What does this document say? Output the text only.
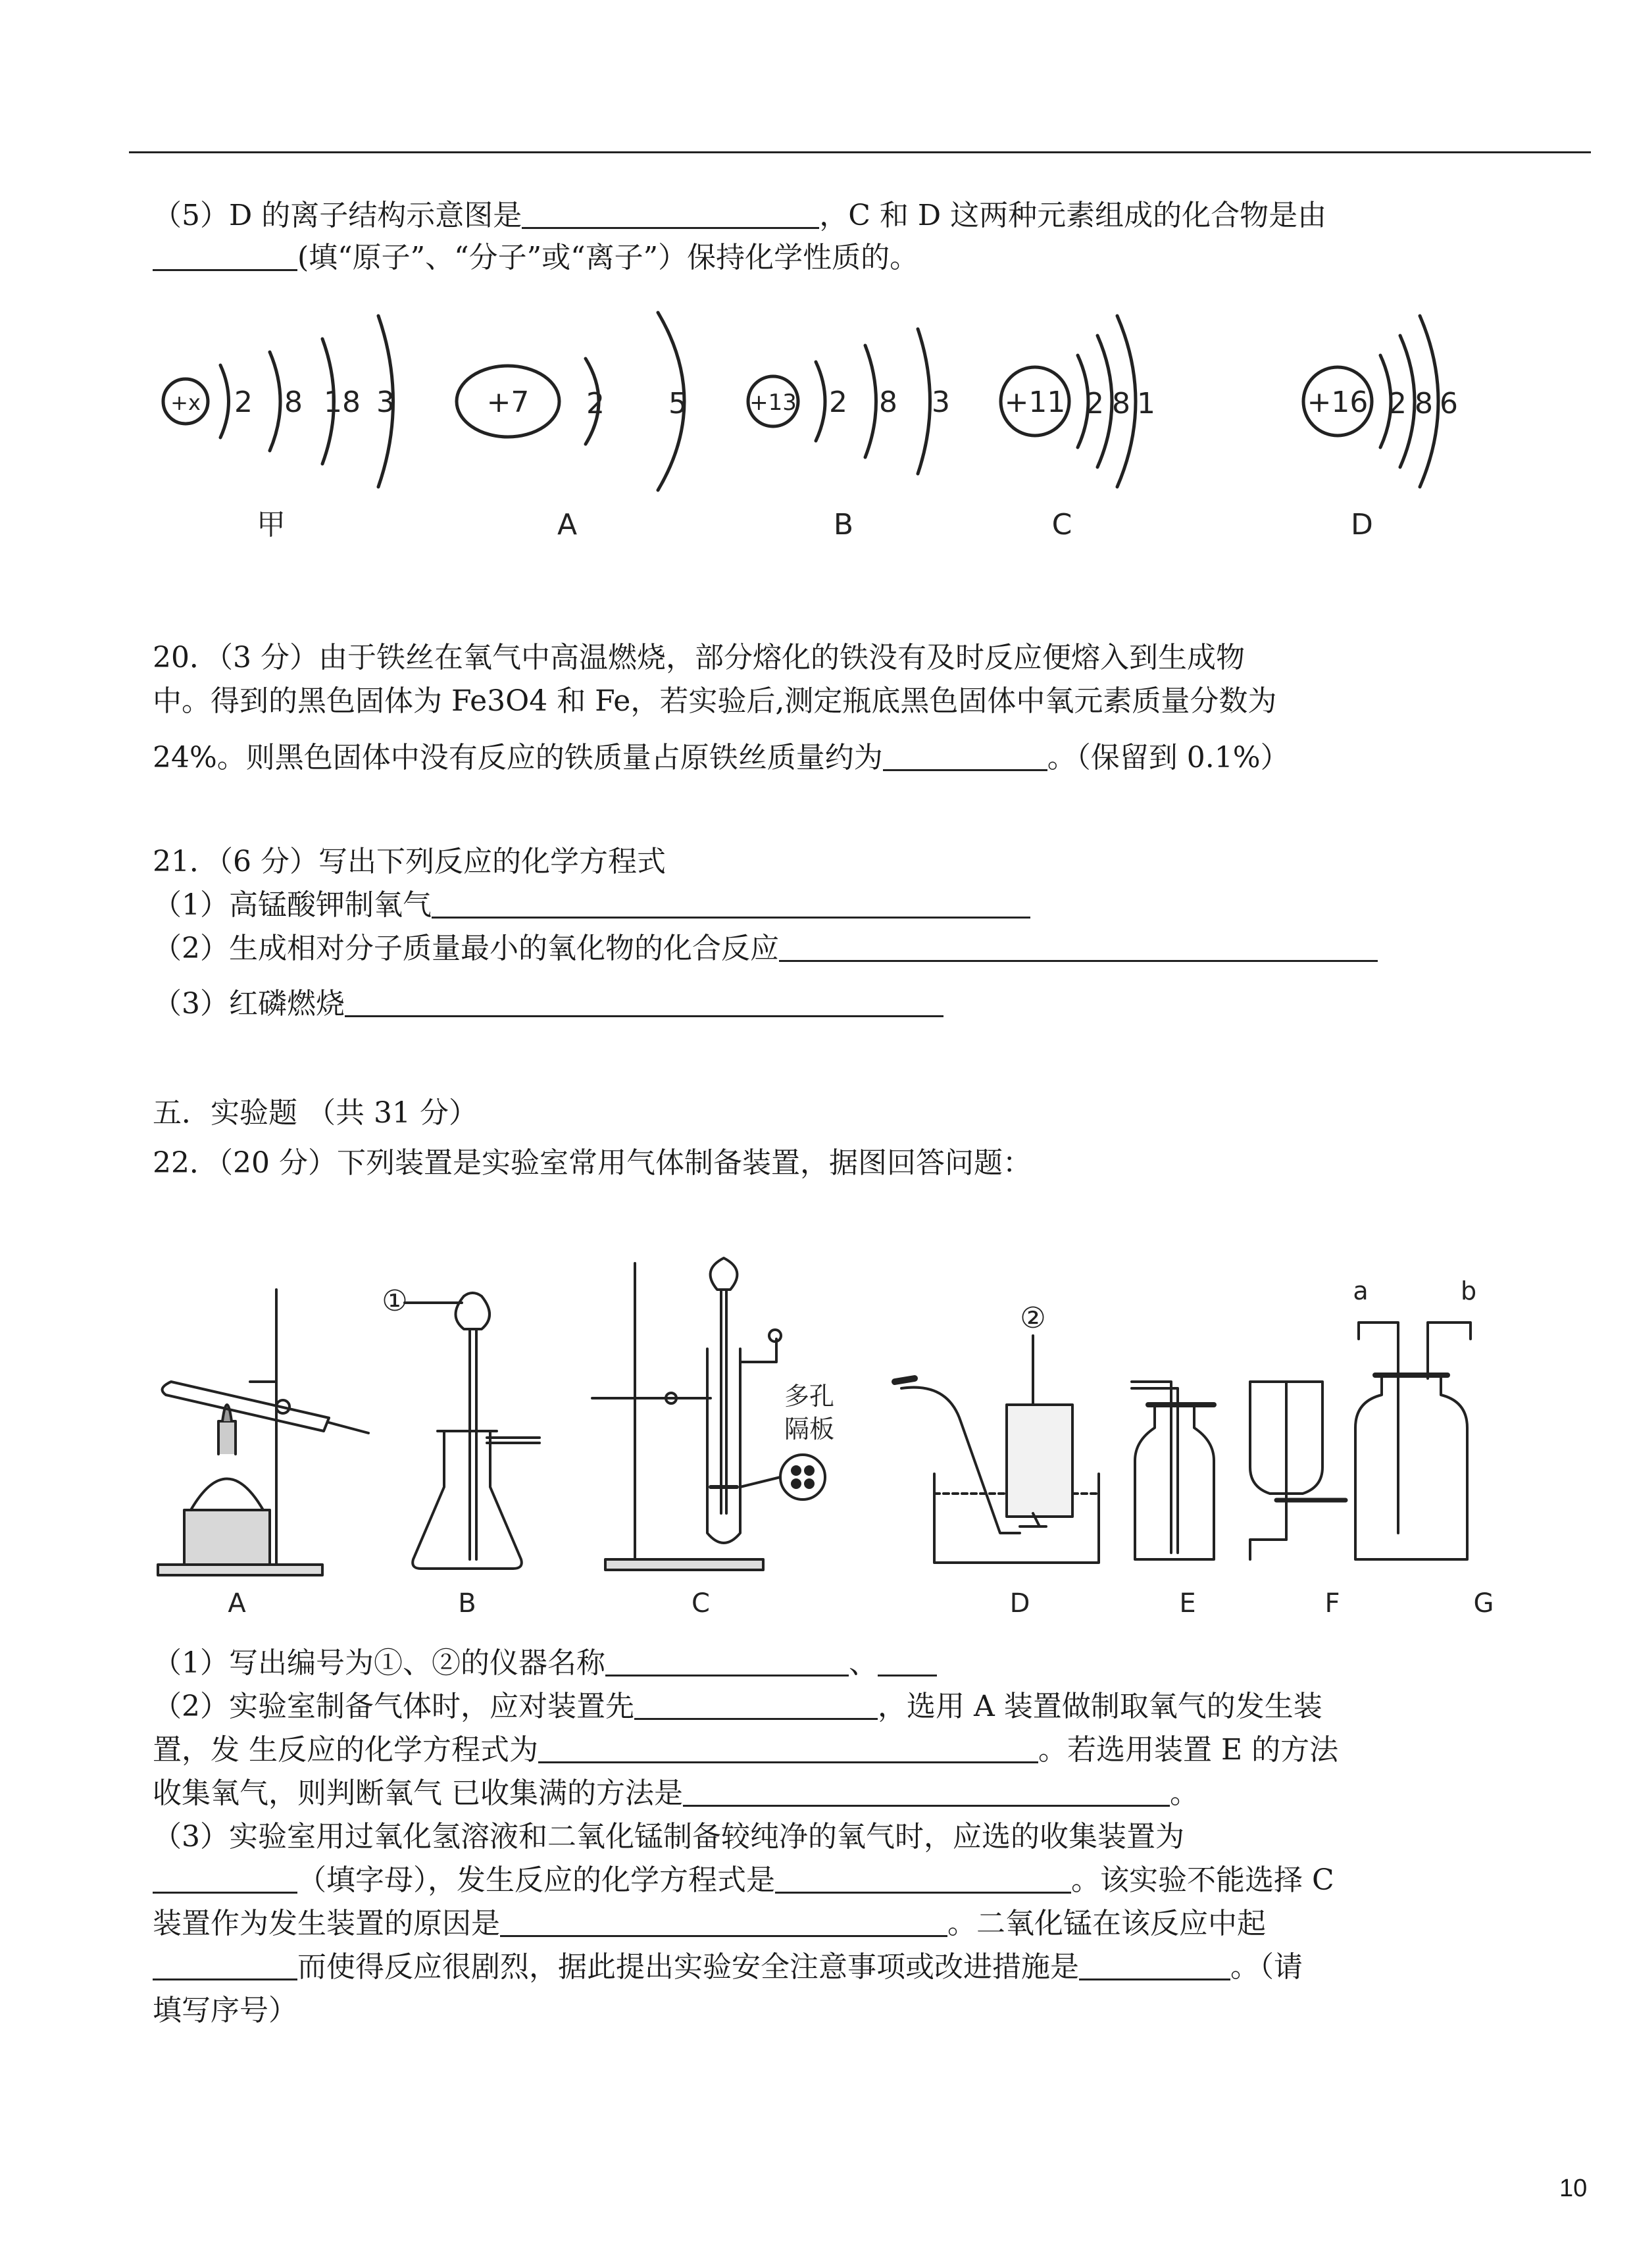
（5）D 的离子结构示意图是	，C 和 D 这两种元素组成的化合物是由
(填“原子”、“分子”或“离子”）保持化学性质的。
+x 2 8 18 3	+7 2 5	+13 2 8 3 +11 2 8 1	+16 2 8 6
甲	A	B	C	D
20．（3 分）由于铁丝在氧气中高温燃烧，部分熔化的铁没有及时反应便熔入到生成物
中。得到的黑色固体为 Fe3O4 和 Fe，若实验后,测定瓶底黑色固体中氧元素质量分数为
24%。则黑色固体中没有反应的铁质量占原铁丝质量约为	。（保留到 0.1%）
21．（6 分）写出下列反应的化学方程式
（1）高锰酸钾制氧气
（2）生成相对分子质量最小的氧化物的化合反应
（3）红磷燃烧
五．实验题 （共 31 分）
22．（20 分）下列装置是实验室常用气体制备装置，据图回答问题：
①
②
多孔
隔板
a	b
A	B	C	D	E	F	G
（1）写出编号为①、②的仪器名称	、
（2）实验室制备气体时，应对装置先	，选用 A 装置做制取氧气的发生装
置，发 生反应的化学方程式为	。若选用装置 E 的方法
收集氧气，则判断氧气 已收集满的方法是	。
（3）实验室用过氧化氢溶液和二氧化锰制备较纯净的氧气时，应选的收集装置为
（填字母），发生反应的化学方程式是	。该实验不能选择 C
装置作为发生装置的原因是	。二氧化锰在该反应中起
而使得反应很剧烈，据此提出实验安全注意事项或改进措施是	。（请
填写序号）
10
